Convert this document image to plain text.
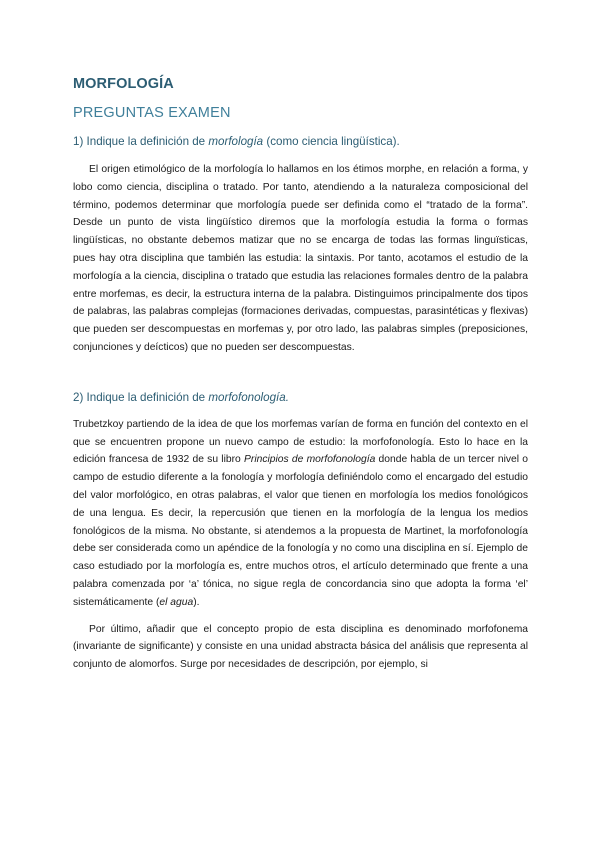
MORFOLOGÍA
PREGUNTAS EXAMEN
1) Indique la definición de morfología (como ciencia lingüística).

El origen etimológico de la morfología lo hallamos en los étimos morphe, en relación a forma, y lobo como ciencia, disciplina o tratado. Por tanto, atendiendo a la naturaleza composicional del término, podemos determinar que morfología puede ser definida como el “tratado de la forma”. Desde un punto de vista lingüístico diremos que la morfología estudia la forma o formas lingüísticas, no obstante debemos matizar que no se encarga de todas las formas linguïsticas, pues hay otra disciplina que también las estudia: la sintaxis. Por tanto, acotamos el estudio de la morfología a la ciencia, disciplina o tratado que estudia las relaciones formales dentro de la palabra entre morfemas, es decir, la estructura interna de la palabra. Distinguimos principalmente dos tipos de palabras, las palabras complejas (formaciones derivadas, compuestas, parasintéticas y flexivas) que pueden ser descompuestas en morfemas y, por otro lado, las palabras simples (preposiciones, conjunciones y deícticos) que no pueden ser descompuestas.

2) Indique la definición de morfofonología.

Trubetzkoy partiendo de la idea de que los morfemas varían de forma en función del contexto en el que se encuentren propone un nuevo campo de estudio: la morfofonología. Esto lo hace en la edición francesa de 1932 de su libro Principios de morfofonología donde habla de un tercer nivel o campo de estudio diferente a la fonología y morfología definiéndolo como el encargado del estudio del valor morfológico, en otras palabras, el valor que tienen en morfología los medios fonológicos de una lengua. Es decir, la repercusión que tienen en la morfología de la lengua los medios fonológicos de la misma. No obstante, si atendemos a la propuesta de Martinet, la morfofonología debe ser considerada como un apéndice de la fonología y no como una disciplina en sí. Ejemplo de caso estudiado por la morfología es, entre muchos otros, el artículo determinado que frente a una palabra comenzada por ‘a’ tónica, no sigue regla de concordancia sino que adopta la forma ‘el’ sistemáticamente (el agua).

Por último, añadir que el concepto propio de esta disciplina es denominado morfofonema (invariante de significante) y consiste en una unidad abstracta básica del análisis que representa al conjunto de alomorfos. Surge por necesidades de descripción, por ejemplo, si
